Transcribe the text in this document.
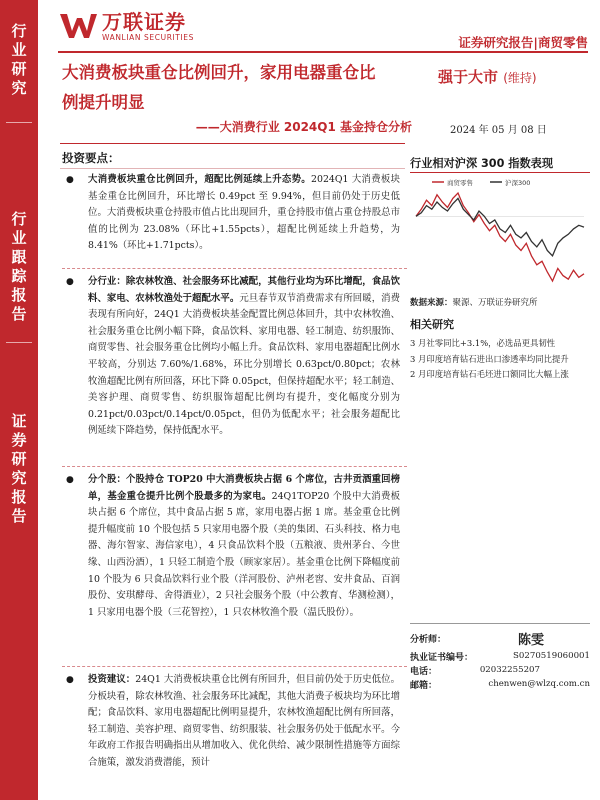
行
业
研
究
行
业
跟
踪
报
告
证
券
研
究
报
告
万联证券
WANLIAN SECURITIES	证券研究报告|商贸零售
大消费板块重仓比例回升，家用电器重仓比
例提升明显
——大消费行业 2024Q1 基金持仓分析
强于大市 (维持)
2024 年 05 月 08 日
投资要点：
●	大消费板块重仓比例回升，超配比例延续上升态势。2024Q1 大消费板块基金重仓比例回升，环比增长 0.49pct 至 9.94%，但目前仍处于历史低位。大消费板块重仓持股市值占比出现回升，重仓持股市值占重仓持股总市值的比例为 23.08%（环比+1.55pcts），超配比例延续上升趋势，为 8.41%（环比+1.71pcts）。

●	分行业：除农林牧渔、社会服务环比减配，其他行业均为环比增配，食品饮料、家电、农林牧渔处于超配水平。元旦春节双节消费需求有所回暖，消费表现有所向好，24Q1 大消费板块基金配置比例总体回升，其中农林牧渔、社会服务重仓比例小幅下降，食品饮料、家用电器、轻工制造、纺织服饰、商贸零售、社会服务重仓比例均小幅上升。食品饮料、家用电器超配比例水平较高，分别达 7.60%/1.68%，环比分别增长 0.63pct/0.80pct；农林牧渔超配比例有所回落，环比下降 0.05pct，但保持超配水平；轻工制造、美容护理、商贸零售、纺织服饰超配比例均有提升，变化幅度分别为 0.21pct/0.03pct/0.14pct/0.05pct，但仍为低配水平；社会服务超配比例延续下降趋势，保持低配水平。

●	分个股：个股持仓 TOP20 中大消费板块占据 6 个席位，古井贡酒重回榜单，基金重仓提升比例个股最多的为家电。24Q1TOP20 个股中大消费板块占据 6 个席位，其中食品占据 5 席，家用电器占据 1 席。基金重仓比例提升幅度前 10 个股包括 5 只家用电器个股（美的集团、石头科技、格力电器、海尔智家、海信家电），4 只食品饮料个股（五粮液、贵州茅台、今世缘、山西汾酒），1 只轻工制造个股（顾家家居）。基金重仓比例下降幅度前 10 个股为 6 只食品饮料行业个股（洋河股份、泸州老窖、安井食品、百润股份、安琪酵母、舍得酒业），2 只社会服务个股（中公教育、华测检测），1 只家用电器个股（三花智控），1 只农林牧渔个股（温氏股份）。

●	投资建议：24Q1 大消费板块重仓比例有所回升，但目前仍处于历史低位。分板块看，除农林牧渔、社会服务环比减配，其他大消费子板块均为环比增配；食品饮料、家用电器超配比例明显提升，农林牧渔超配比例有所回落，轻工制造、美容护理、商贸零售、纺织服装、社会服务仍处于低配水平。今年政府工作报告明确指出从增加收入、优化供给、减少限制性措施等方面综合施策，激发消费潜能，预计

行业相对沪深 300 指数表现
商贸零售	沪深300
数据来源：聚源、万联证券研究所
相关研究
3 月社零同比+3.1%，必选品更具韧性
3 月印度培育钻石进出口渗透率均同比提升
2 月印度培育钻石毛坯进口额同比大幅上涨
分析师：	陈雯
执业证书编号：	S0270519060001
电话：	02032255207
邮箱：	chenwen@wlzq.com.cn
